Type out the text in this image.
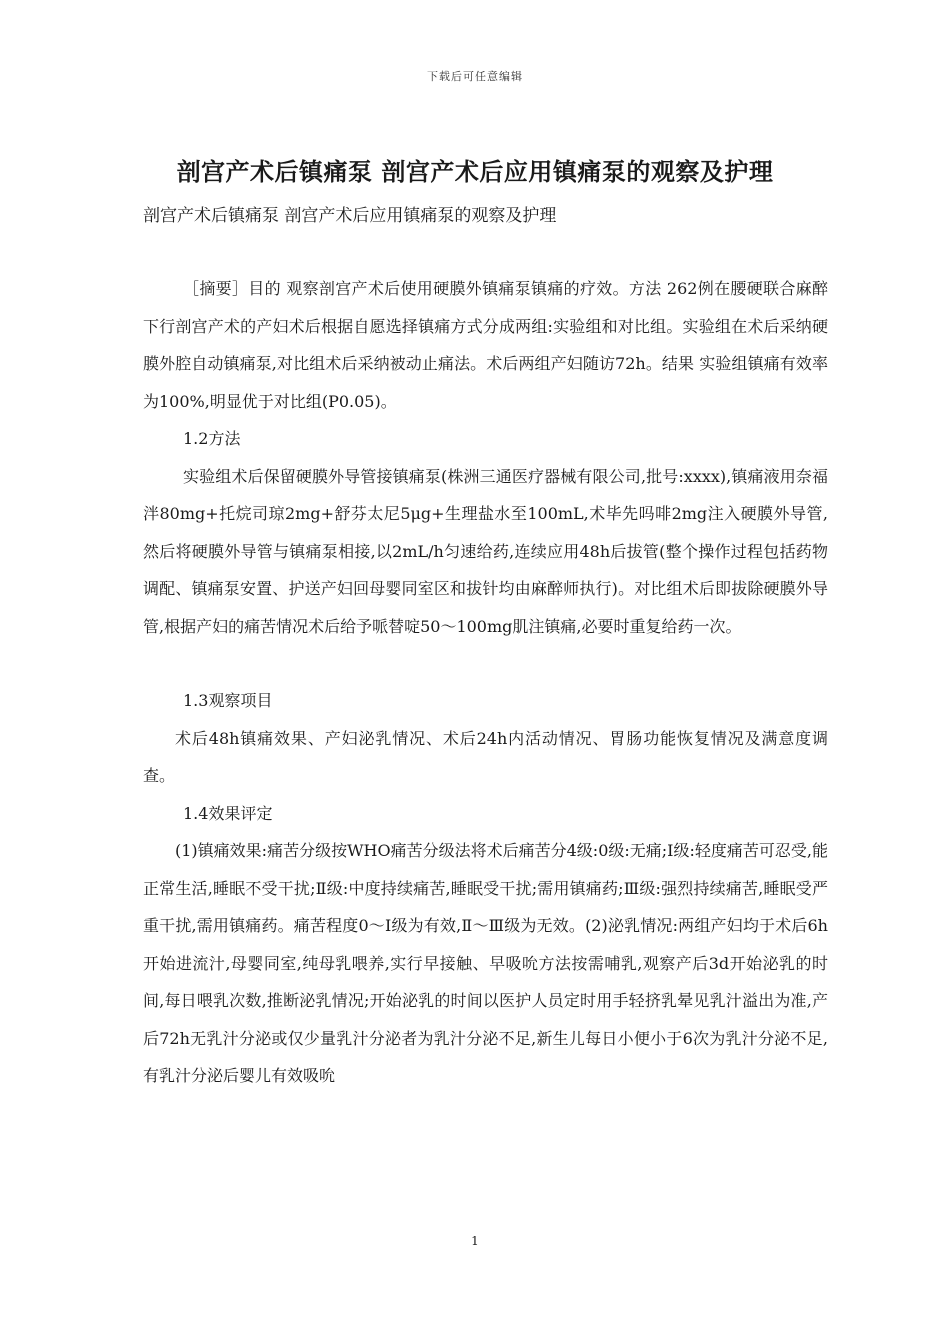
下载后可任意编辑
剖宫产术后镇痛泵 剖宫产术后应用镇痛泵的观察及护理
剖宫产术后镇痛泵 剖宫产术后应用镇痛泵的观察及护理

［摘要］目的 观察剖宫产术后使用硬膜外镇痛泵镇痛的疗效。方法 262例在腰硬联合麻醉下行剖宫产术的产妇术后根据自愿选择镇痛方式分成两组:实验组和对比组。实验组在术后采纳硬膜外腔自动镇痛泵,对比组术后采纳被动止痛法。术后两组产妇随访72h。结果 实验组镇痛有效率为100%,明显优于对比组(P0.05)。

1.2方法

实验组术后保留硬膜外导管接镇痛泵(株洲三通医疗器械有限公司,批号:xxxx),镇痛液用奈福泮80mg+托烷司琼2mg+舒芬太尼5μg+生理盐水至100mL,术毕先吗啡2mg注入硬膜外导管,然后将硬膜外导管与镇痛泵相接,以2mL/h匀速给药,连续应用48h后拔管(整个操作过程包括药物调配、镇痛泵安置、护送产妇回母婴同室区和拔针均由麻醉师执行)。对比组术后即拔除硬膜外导管,根据产妇的痛苦情况术后给予哌替啶50～100mg肌注镇痛,必要时重复给药一次。

1.3观察项目

术后48h镇痛效果、产妇泌乳情况、术后24h内活动情况、胃肠功能恢复情况及满意度调查。

1.4效果评定

(1)镇痛效果:痛苦分级按WHO痛苦分级法将术后痛苦分4级:0级:无痛;Ⅰ级:轻度痛苦可忍受,能正常生活,睡眠不受干扰;Ⅱ级:中度持续痛苦,睡眠受干扰;需用镇痛药;Ⅲ级:强烈持续痛苦,睡眠受严重干扰,需用镇痛药。痛苦程度0～Ⅰ级为有效,Ⅱ～Ⅲ级为无效。(2)泌乳情况:两组产妇均于术后6h开始进流汁,母婴同室,纯母乳喂养,实行早接触、早吸吮方法按需哺乳,观察产后3d开始泌乳的时间,每日喂乳次数,推断泌乳情况;开始泌乳的时间以医护人员定时用手轻挤乳晕见乳汁溢出为准,产后72h无乳汁分泌或仅少量乳汁分泌者为乳汁分泌不足,新生儿每日小便小于6次为乳汁分泌不足,有乳汁分泌后婴儿有效吸吮

1
